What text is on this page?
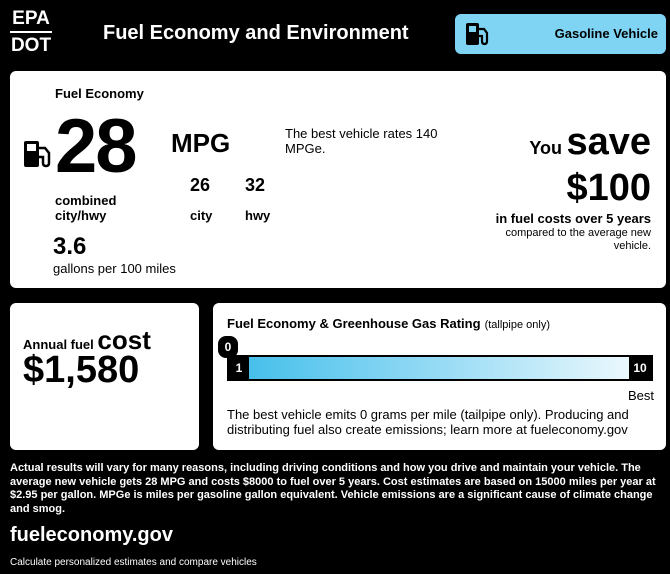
EPA
DOT
Fuel Economy and Environment	Gasoline Vehicle
Fuel Economy
28 MPG
combined city/hwy
26 32
city	hwy
The best vehicle rates 140 MPGe.
3.6
gallons per 100 miles
You save
$100
in fuel costs over 5 years
compared to the average new vehicle.
Annual fuel cost
$1,580
Fuel Economy & Greenhouse Gas Rating (tallpipe only)
1	10
0
Best
The best vehicle emits 0 grams per mile (tailpipe only). Producing and distributing fuel also create emissions; learn more at fueleconomy.gov
Actual results will vary for many reasons, including driving conditions and how you drive and maintain your vehicle. The average new vehicle gets 28 MPG and costs $8000 to fuel over 5 years. Cost estimates are based on 15000 miles per year at $2.95 per gallon. MPGe is miles per gasoline gallon equivalent. Vehicle emissions are a significant cause of climate change and smog.
fueleconomy.gov
Calculate personalized estimates and compare vehicles
